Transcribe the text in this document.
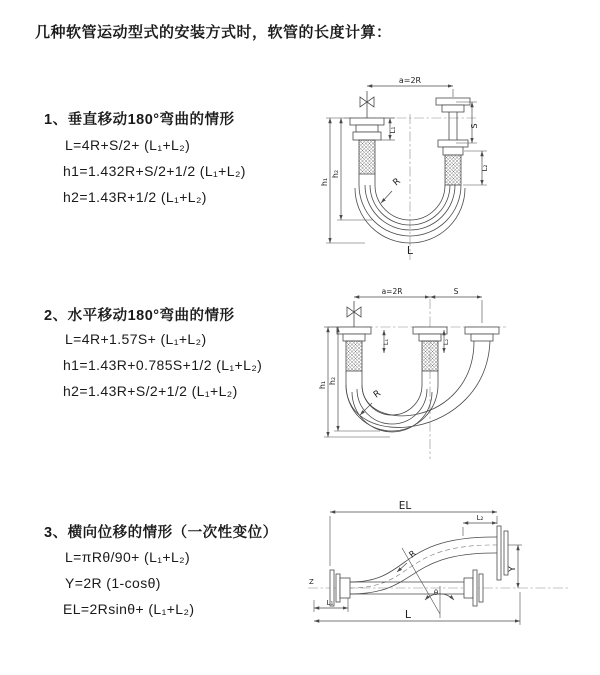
几种软管运动型式的安装方式时，软管的长度计算：
1、垂直移动180°弯曲的情形
L=4R+S/2+ (L₁+L₂)
h1=1.432R+S/2+1/2 (L₁+L₂)
h2=1.43R+1/2 (L₁+L₂)
2、水平移动180°弯曲的情形
L=4R+1.57S+ (L₁+L₂)
h1=1.43R+0.785S+1/2 (L₁+L₂)
h2=1.43R+S/2+1/2 (L₁+L₂)
3、横向位移的情形（一次性变位）
L=πRθ/90+ (L₁+L₂)
Y=2R (1-cosθ)
EL=2Rsinθ+ (L₁+L₂)
a=2R
S
L₂
h₁
h₂
L₁
R
L
a=2R	S
h₁ h₂
L₁	L₂
R
EL
L₂
Z
Y
θ
R
L₁
L
